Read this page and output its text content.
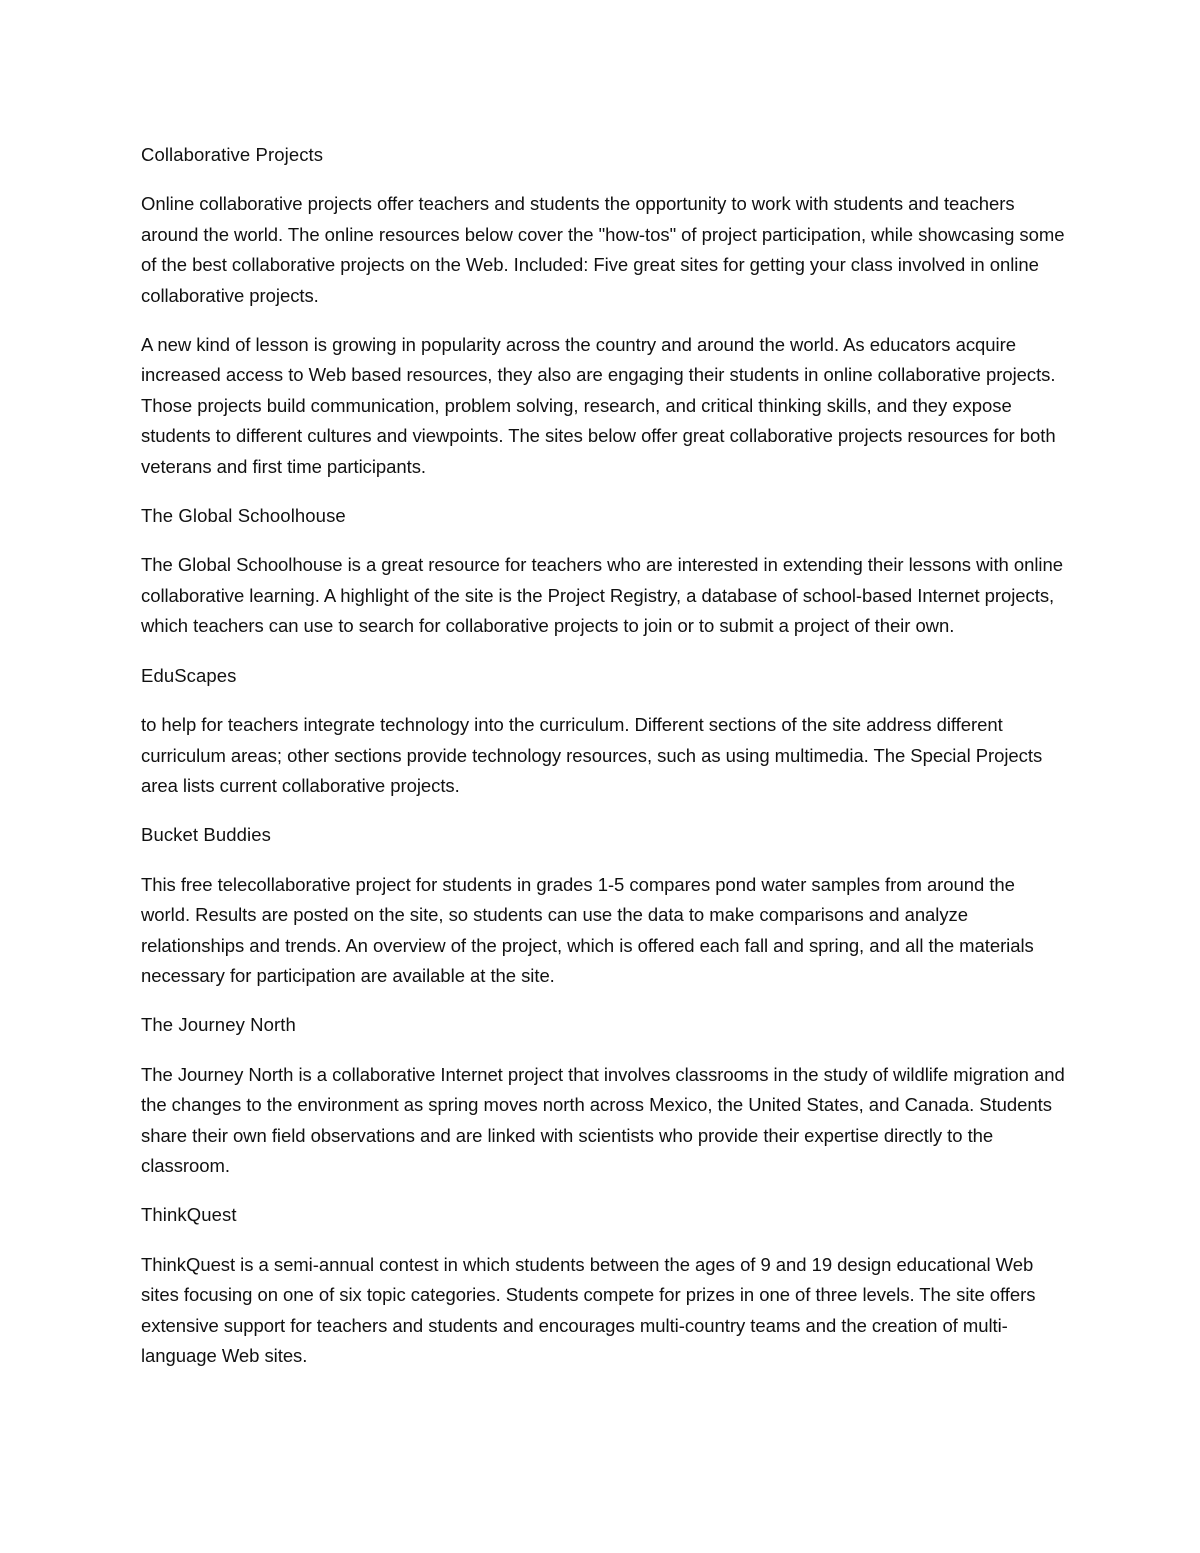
Collaborative Projects

Online collaborative projects offer teachers and students the opportunity to work with students and teachers around the world. The online resources below cover the "how-tos" of project participation, while showcasing some of the best collaborative projects on the Web. Included: Five great sites for getting your class involved in online collaborative projects.

A new kind of lesson is growing in popularity across the country and around the world. As educators acquire increased access to Web based resources, they also are engaging their students in online collaborative projects. Those projects build communication, problem solving, research, and critical thinking skills, and they expose students to different cultures and viewpoints. The sites below offer great collaborative projects resources for both veterans and first time participants.

The Global Schoolhouse

The Global Schoolhouse is a great resource for teachers who are interested in extending their lessons with online collaborative learning. A highlight of the site is the Project Registry, a database of school-based Internet projects, which teachers can use to search for collaborative projects to join or to submit a project of their own.

EduScapes

to help for teachers integrate technology into the curriculum. Different sections of the site address different curriculum areas; other sections provide technology resources, such as using multimedia. The Special Projects area lists current collaborative projects.

Bucket Buddies

This free telecollaborative project for students in grades 1-5 compares pond water samples from around the world. Results are posted on the site, so students can use the data to make comparisons and analyze relationships and trends. An overview of the project, which is offered each fall and spring, and all the materials necessary for participation are available at the site.

The Journey North

The Journey North is a collaborative Internet project that involves classrooms in the study of wildlife migration and the changes to the environment as spring moves north across Mexico, the United States, and Canada. Students share their own field observations and are linked with scientists who provide their expertise directly to the classroom.

ThinkQuest

ThinkQuest is a semi-annual contest in which students between the ages of 9 and 19 design educational Web sites focusing on one of six topic categories. Students compete for prizes in one of three levels. The site offers extensive support for teachers and students and encourages multi-country teams and the creation of multi-language Web sites.
